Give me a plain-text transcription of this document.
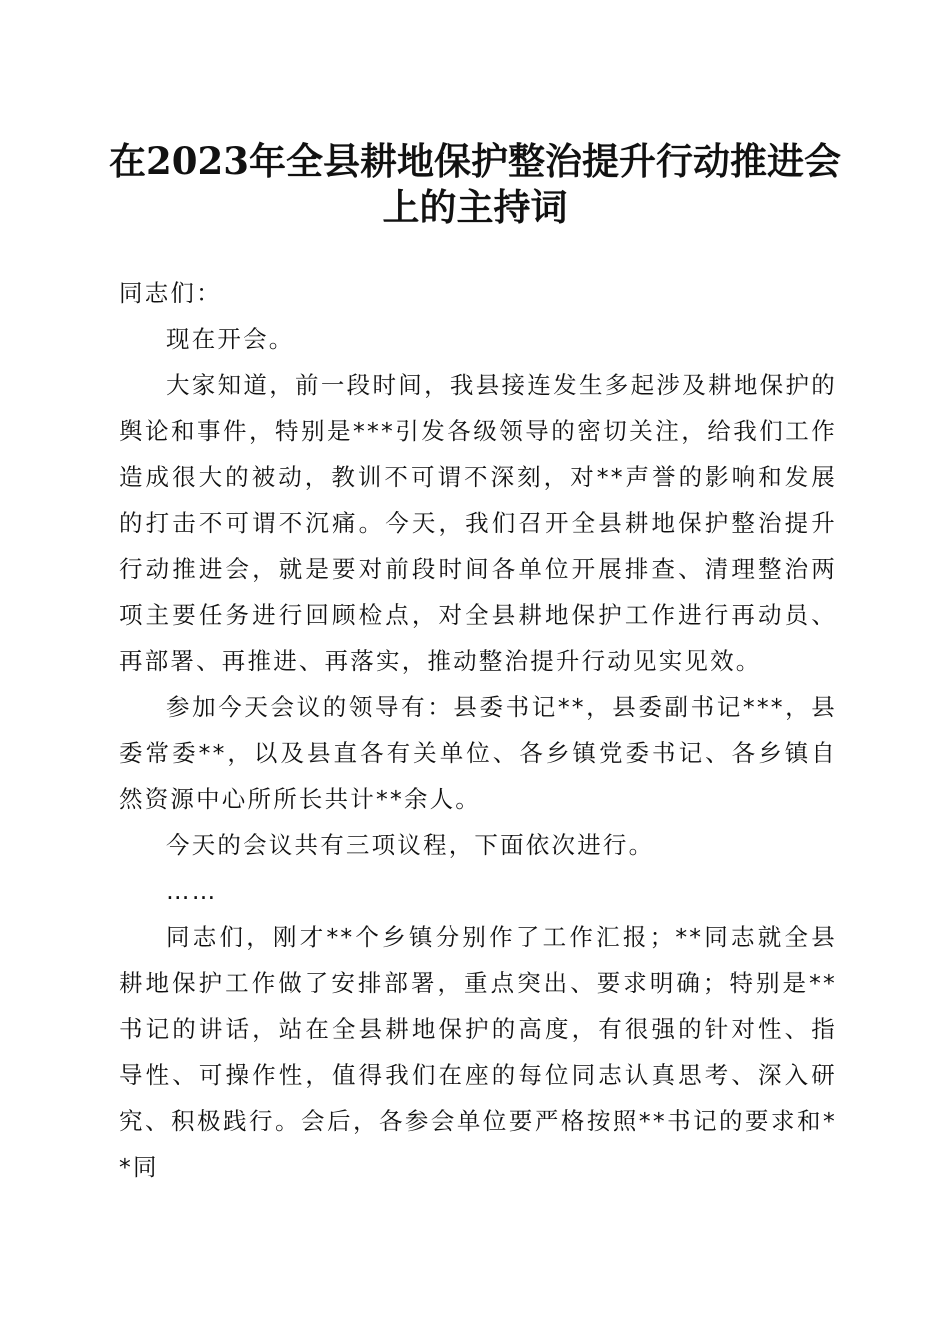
在2023年全县耕地保护整治提升行动推进会
上的主持词

同志们：

现在开会。

大家知道，前一段时间，我县接连发生多起涉及耕地保护的舆论和事件，特别是***引发各级领导的密切关注，给我们工作造成很大的被动，教训不可谓不深刻，对**声誉的影响和发展的打击不可谓不沉痛。今天，我们召开全县耕地保护整治提升行动推进会，就是要对前段时间各单位开展排查、清理整治两项主要任务进行回顾检点，对全县耕地保护工作进行再动员、再部署、再推进、再落实，推动整治提升行动见实见效。

参加今天会议的领导有：县委书记**，县委副书记***，县委常委**，以及县直各有关单位、各乡镇党委书记、各乡镇自然资源中心所所长共计**余人。

今天的会议共有三项议程，下面依次进行。

……

同志们，刚才**个乡镇分别作了工作汇报；**同志就全县耕地保护工作做了安排部署，重点突出、要求明确；特别是**书记的讲话，站在全县耕地保护的高度，有很强的针对性、指导性、可操作性，值得我们在座的每位同志认真思考、深入研究、积极践行。会后，各参会单位要严格按照**书记的要求和**同
